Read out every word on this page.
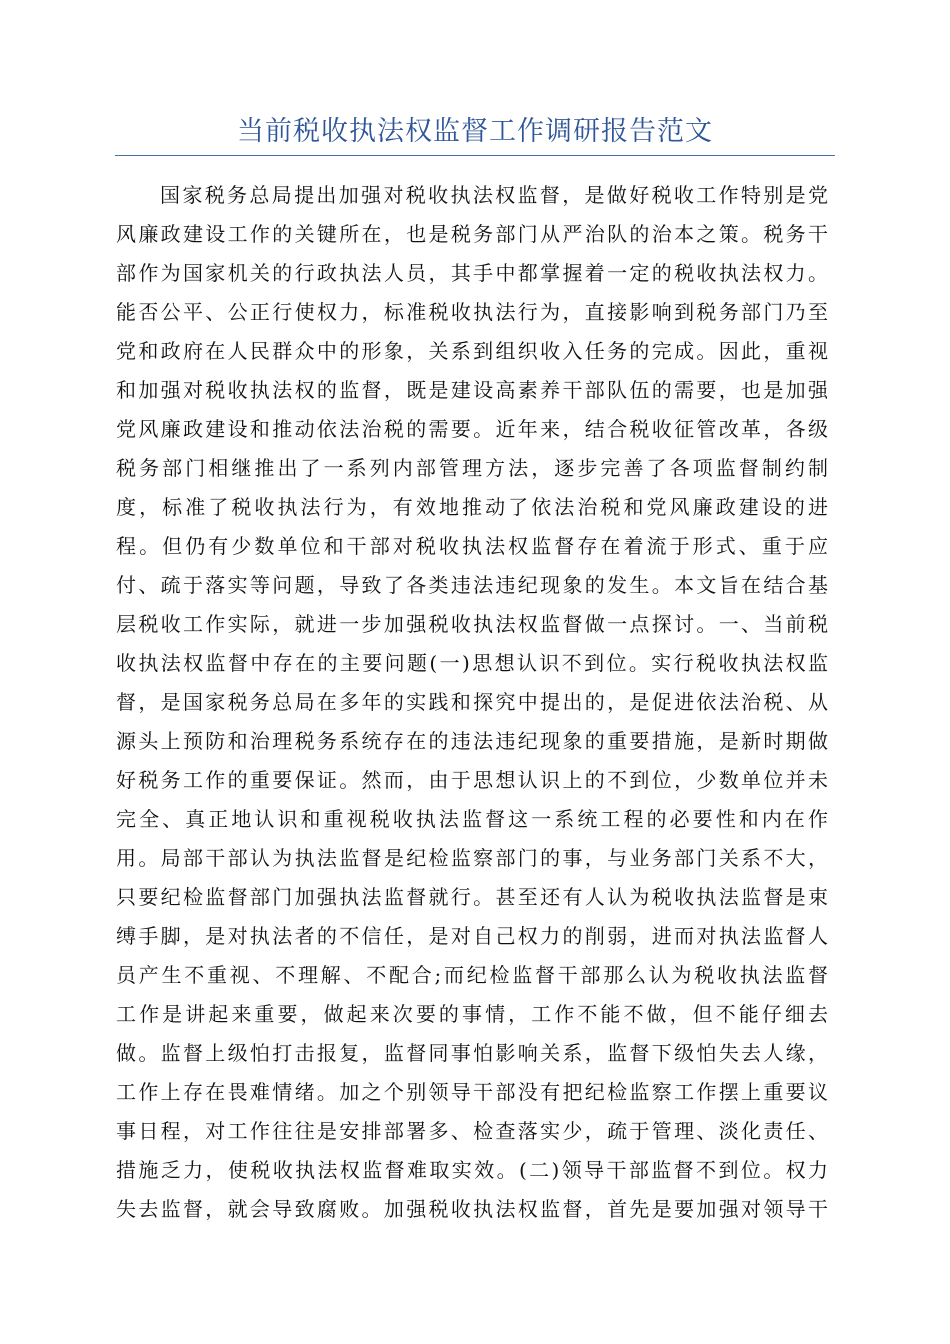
当前税收执法权监督工作调研报告范文
国家税务总局提出加强对税收执法权监督，是做好税收工作特别是党
风廉政建设工作的关键所在，也是税务部门从严治队的治本之策。税务干
部作为国家机关的行政执法人员，其手中都掌握着一定的税收执法权力。
能否公平、公正行使权力，标准税收执法行为，直接影响到税务部门乃至
党和政府在人民群众中的形象，关系到组织收入任务的完成。因此，重视
和加强对税收执法权的监督，既是建设高素养干部队伍的需要，也是加强
党风廉政建设和推动依法治税的需要。近年来，结合税收征管改革，各级
税务部门相继推出了一系列内部管理方法，逐步完善了各项监督制约制
度，标准了税收执法行为，有效地推动了依法治税和党风廉政建设的进
程。但仍有少数单位和干部对税收执法权监督存在着流于形式、重于应
付、疏于落实等问题，导致了各类违法违纪现象的发生。本文旨在结合基
层税收工作实际，就进一步加强税收执法权监督做一点探讨。一、当前税
收执法权监督中存在的主要问题(一)思想认识不到位。实行税收执法权监
督，是国家税务总局在多年的实践和探究中提出的，是促进依法治税、从
源头上预防和治理税务系统存在的违法违纪现象的重要措施，是新时期做
好税务工作的重要保证。然而，由于思想认识上的不到位，少数单位并未
完全、真正地认识和重视税收执法监督这一系统工程的必要性和内在作
用。局部干部认为执法监督是纪检监察部门的事，与业务部门关系不大，
只要纪检监督部门加强执法监督就行。甚至还有人认为税收执法监督是束
缚手脚，是对执法者的不信任，是对自己权力的削弱，进而对执法监督人
员产生不重视、不理解、不配合;而纪检监督干部那么认为税收执法监督
工作是讲起来重要，做起来次要的事情，工作不能不做，但不能仔细去
做。监督上级怕打击报复，监督同事怕影响关系，监督下级怕失去人缘，
工作上存在畏难情绪。加之个别领导干部没有把纪检监察工作摆上重要议
事日程，对工作往往是安排部署多、检查落实少，疏于管理、淡化责任、
措施乏力，使税收执法权监督难取实效。(二)领导干部监督不到位。权力
失去监督，就会导致腐败。加强税收执法权监督，首先是要加强对领导干
